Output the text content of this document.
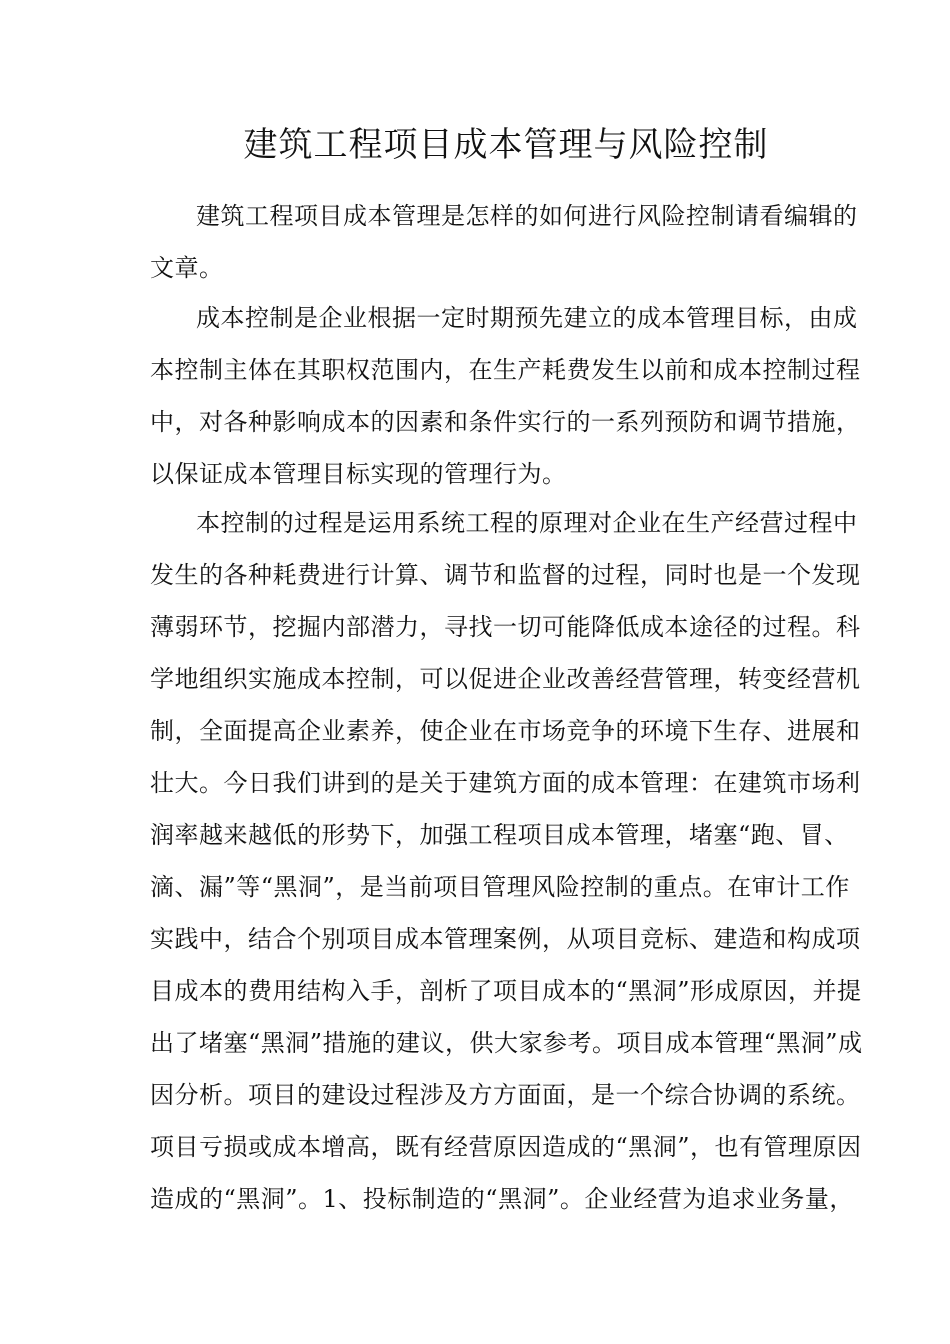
建筑工程项目成本管理与风险控制
建筑工程项目成本管理是怎样的如何进行风险控制请看编辑的
文章。
成本控制是企业根据一定时期预先建立的成本管理目标，由成
本控制主体在其职权范围内，在生产耗费发生以前和成本控制过程
中，对各种影响成本的因素和条件实行的一系列预防和调节措施，
以保证成本管理目标实现的管理行为。
本控制的过程是运用系统工程的原理对企业在生产经营过程中
发生的各种耗费进行计算、调节和监督的过程，同时也是一个发现
薄弱环节，挖掘内部潜力，寻找一切可能降低成本途径的过程。科
学地组织实施成本控制，可以促进企业改善经营管理，转变经营机
制，全面提高企业素养，使企业在市场竞争的环境下生存、进展和
壮大。今日我们讲到的是关于建筑方面的成本管理：在建筑市场利
润率越来越低的形势下，加强工程项目成本管理，堵塞“跑、冒、
滴、漏”等“黑洞”，是当前项目管理风险控制的重点。在审计工作
实践中，结合个别项目成本管理案例，从项目竞标、建造和构成项
目成本的费用结构入手，剖析了项目成本的“黑洞”形成原因，并提
出了堵塞“黑洞”措施的建议，供大家参考。项目成本管理“黑洞”成
因分析。项目的建设过程涉及方方面面，是一个综合协调的系统。
项目亏损或成本增高，既有经营原因造成的“黑洞”，也有管理原因
造成的“黑洞”。1、投标制造的“黑洞”。企业经营为追求业务量，
